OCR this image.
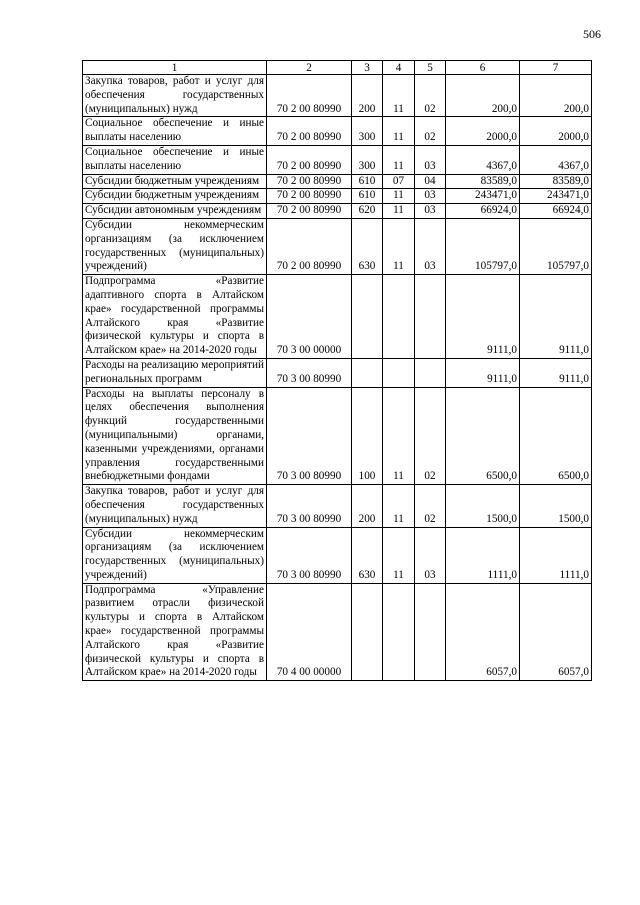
506
1	2	3	4	5	6	7
Закупка товаров, работ и услуг для обеспечения государственных (муниципальных) нужд	70 2 00 80990	200	11	02	200,0	200,0
Социальное обеспечение и иные выплаты населению	70 2 00 80990	300	11	02	2000,0	2000,0
Социальное обеспечение и иные выплаты населению	70 2 00 80990	300	11	03	4367,0	4367,0
Субсидии бюджетным учреждениям	70 2 00 80990	610	07	04	83589,0	83589,0
Субсидии бюджетным учреждениям	70 2 00 80990	610	11	03	243471,0	243471,0
Субсидии автономным учреждениям	70 2 00 80990	620	11	03	66924,0	66924,0
Субсидии некоммерческим организациям (за исключением государственных (муниципальных) учреждений)	70 2 00 80990	630	11	03	105797,0	105797,0
Подпрограмма «Развитие адаптивного спорта в Алтайском крае» государственной программы Алтайского края «Развитие физической культуры и спорта в Алтайском крае» на 2014-2020 годы	70 3 00 00000				9111,0	9111,0
Расходы на реализацию мероприятий региональных программ	70 3 00 80990				9111,0	9111,0
Расходы на выплаты персоналу в целях обеспечения выполнения функций государственными (муниципальными) органами, казенными учреждениями, органами управления государственными внебюджетными фондами	70 3 00 80990	100	11	02	6500,0	6500,0
Закупка товаров, работ и услуг для обеспечения государственных (муниципальных) нужд	70 3 00 80990	200	11	02	1500,0	1500,0
Субсидии некоммерческим организациям (за исключением государственных (муниципальных) учреждений)	70 3 00 80990	630	11	03	1111,0	1111,0
Подпрограмма «Управление развитием отрасли физической культуры и спорта в Алтайском крае» государственной программы Алтайского края «Развитие физической культуры и спорта в Алтайском крае» на 2014-2020 годы	70 4 00 00000				6057,0	6057,0
